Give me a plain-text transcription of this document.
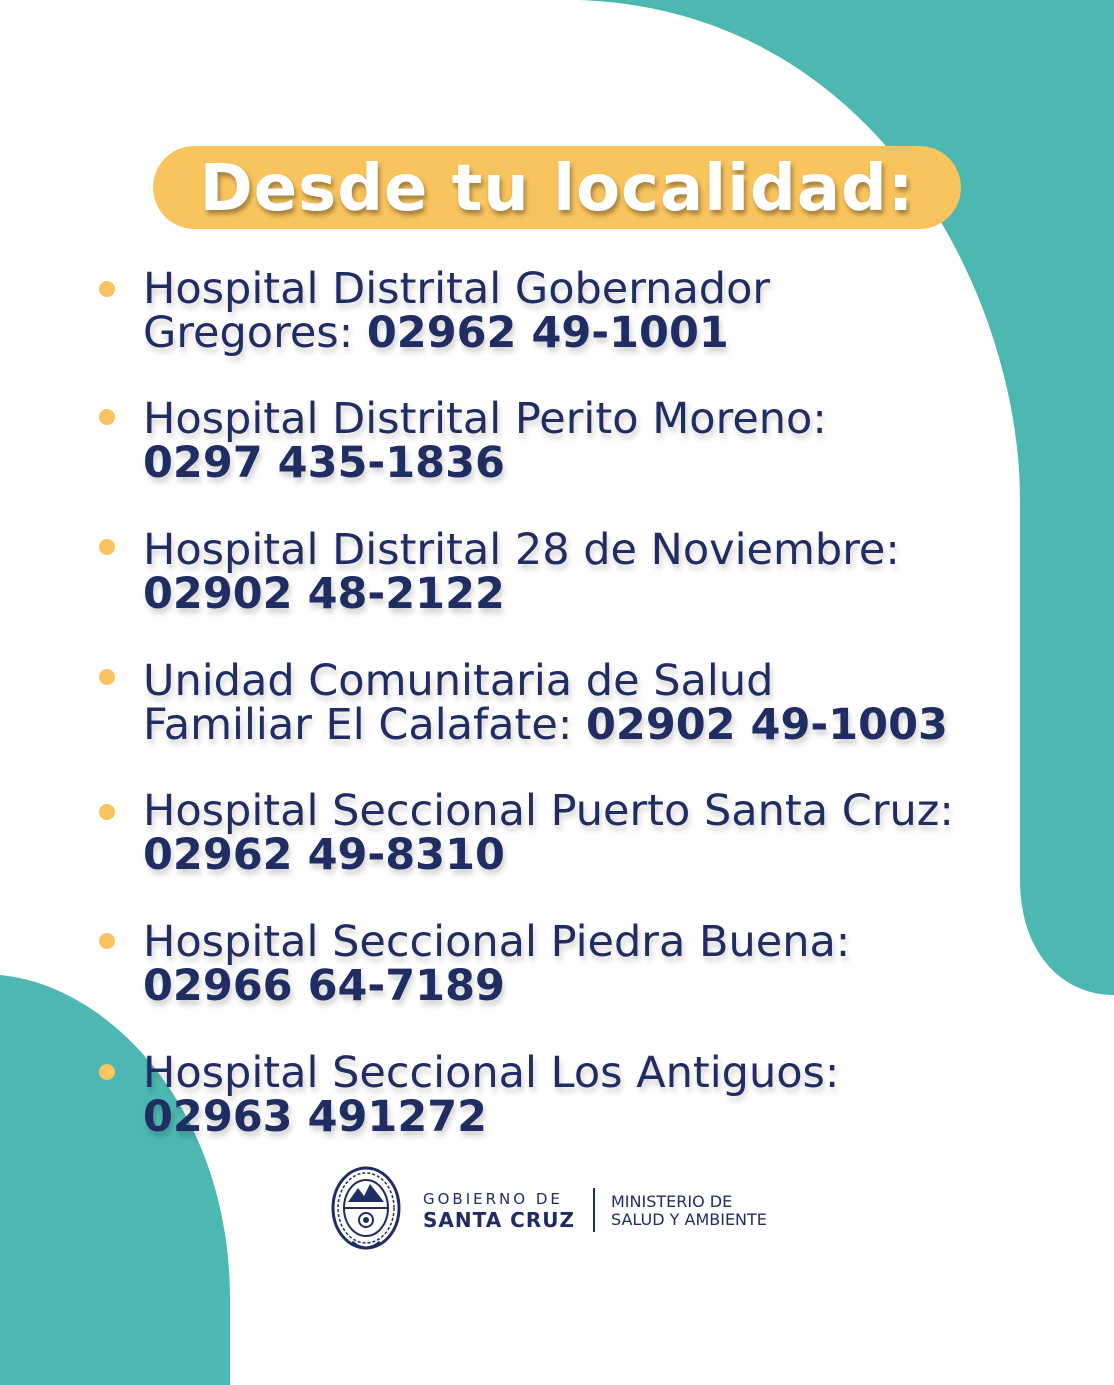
Desde tu localidad:
Hospital Distrital Gobernador
Gregores: 02962 49-1001
Hospital Distrital Perito Moreno:
0297 435-1836
Hospital Distrital 28 de Noviembre:
02902 48-2122
Unidad Comunitaria de Salud
Familiar El Calafate: 02902 49-1003
Hospital Seccional Puerto Santa Cruz:
02962 49-8310
Hospital Seccional Piedra Buena:
02966 64-7189
Hospital Seccional Los Antiguos:
02963 491272
GOBIERNO DE
SANTA CRUZ
MINISTERIO DE
SALUD Y AMBIENTE
